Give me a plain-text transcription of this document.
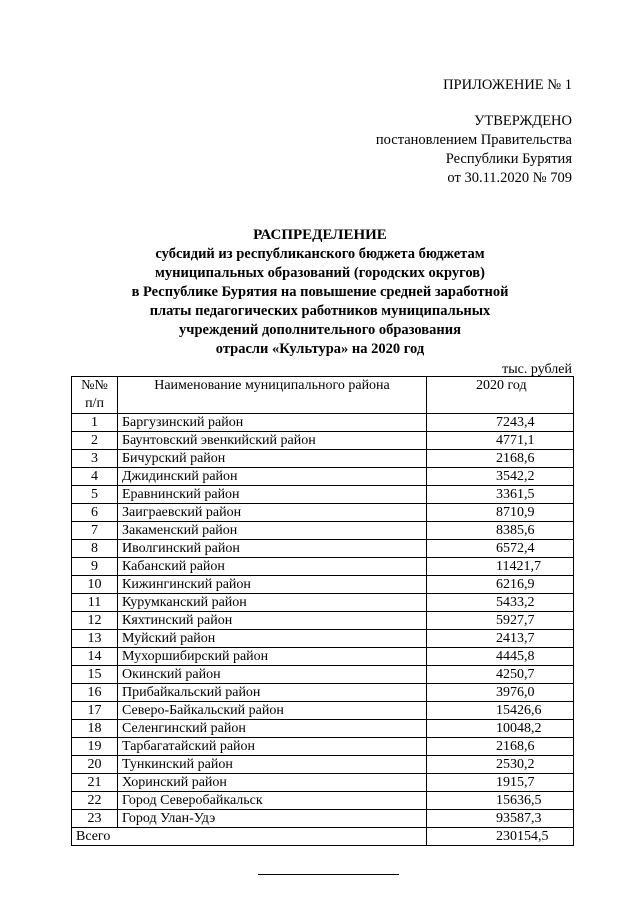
ПРИЛОЖЕНИЕ № 1
УТВЕРЖДЕНО
постановлением Правительства
Республики Бурятия
от 30.11.2020 № 709
РАСПРЕДЕЛЕНИЕ
субсидий из республиканского бюджета бюджетам
муниципальных образований (городских округов)
в Республике Бурятия на повышение средней заработной
платы педагогических работников муниципальных
учреждений дополнительного образования
отрасли «Культура» на 2020 год
тыс. рублей
№№ п/п	Наименование муниципального района	2020 год
1	Баргузинский район	7243,4
2	Баунтовский эвенкийский район	4771,1
3	Бичурский район	2168,6
4	Джидинский район	3542,2
5	Еравнинский район	3361,5
6	Заиграевский район	8710,9
7	Закаменский район	8385,6
8	Иволгинский район	6572,4
9	Кабанский район	11421,7
10	Кижингинский район	6216,9
11	Курумканский район	5433,2
12	Кяхтинский район	5927,7
13	Муйский район	2413,7
14	Мухоршибирский район	4445,8
15	Окинский район	4250,7
16	Прибайкальский район	3976,0
17	Северо-Байкальский район	15426,6
18	Селенгинский район	10048,2
19	Тарбагатайский район	2168,6
20	Тункинский район	2530,2
21	Хоринский район	1915,7
22	Город Северобайкальск	15636,5
23	Город Улан-Удэ	93587,3
Всего		230154,5
